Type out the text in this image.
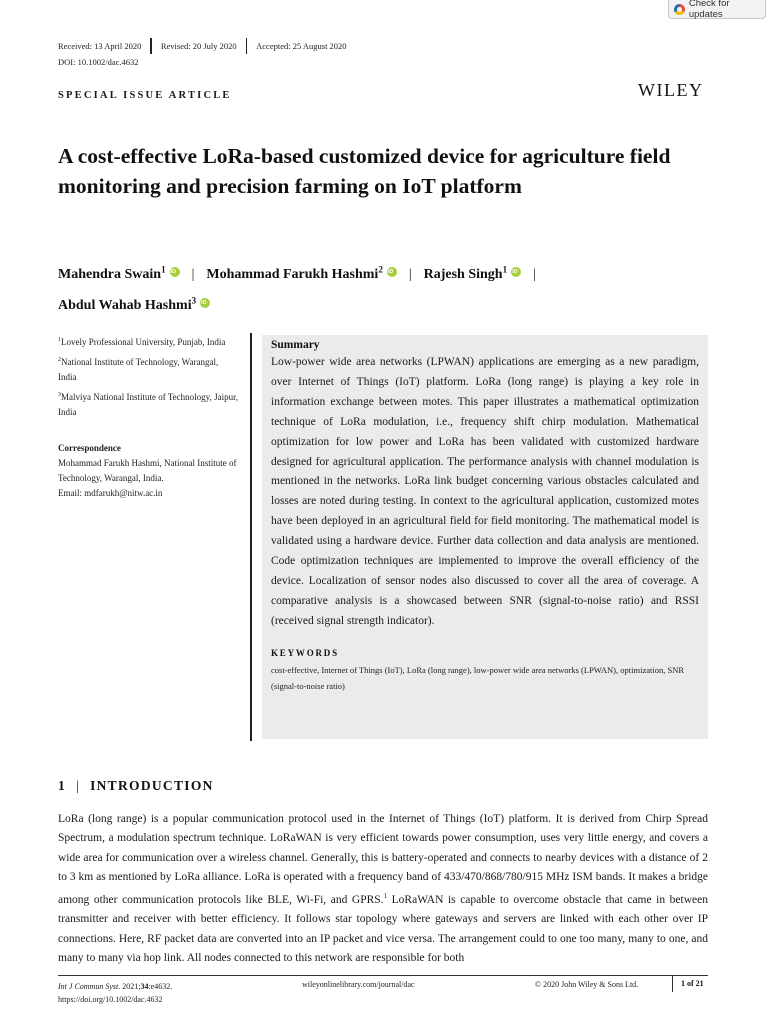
Check for updates
Received: 13 April 2020 Revised: 20 July 2020 Accepted: 25 August 2020
DOI: 10.1002/dac.4632
SPECIAL ISSUE ARTICLE	WILEY
A cost-effective LoRa-based customized device for agriculture field monitoring and precision farming on IoT platform
Mahendra Swain$^1$ iD | Mohammad Farukh Hashmi$^2$ iD | Rajesh Singh$^1$ iD |
Abdul Wahab Hashmi$^3$iD
$^1$Lovely Professional University, Punjab, India
$^2$National Institute of Technology, Warangal, India
$^3$Malviya National Institute of Technology, Jaipur, India
Correspondence
Mohammad Farukh Hashmi, National Institute of Technology, Warangal, India.
Email: mdfarukh@nitw.ac.in
Summary
Low-power wide area networks (LPWAN) applications are emerging as a new paradigm, over Internet of Things (IoT) platform. LoRa (long range) is playing a key role in information exchange between motes. This paper illustrates a mathematical optimization technique of LoRa modulation, i.e., frequency shift chirp modulation. Mathematical optimization for low power and LoRa has been validated with customized hardware designed for agricultural application. The performance analysis with channel modulation is mentioned in the networks. LoRa link budget concerning various obstacles calculated and losses are noted during testing. In context to the agricultural application, customized motes have been deployed in an agricultural field for field monitoring. The mathematical model is validated using a hardware device. Further data collection and data analysis are mentioned. Code optimization techniques are implemented to improve the overall efficiency of the device. Localization of sensor nodes also discussed to cover all the area of coverage. A comparative analysis is a showcased between SNR (signal-to-noise ratio) and RSSI (received signal strength indicator).
KEYWORDS
cost-effective, Internet of Things (IoT), LoRa (long range), low-power wide area networks (LPWAN), optimization, SNR (signal-to-noise ratio)
1 | INTRODUCTION
LoRa (long range) is a popular communication protocol used in the Internet of Things (IoT) platform. It is derived from Chirp Spread Spectrum, a modulation spectrum technique. LoRaWAN is very efficient towards power consumption, uses very little energy, and covers a wide area for communication over a wireless channel. Generally, this is battery-operated and connects to nearby devices with a distance of 2 to 3 km as mentioned by LoRa alliance. LoRa is operated with a frequency band of 433/470/868/780/915 MHz ISM bands. It makes a bridge among other communication protocols like BLE, Wi-Fi, and GPRS.$^1$ LoRaWAN is capable to overcome obstacle that came in between transmitter and receiver with better efficiency. It follows star topology where gateways and servers are linked with each other over IP connections. Here, RF packet data are converted into an IP packet and vice versa. The arrangement could to one too many, many to one, and many to many via hop link. All nodes connected to this network are responsible for both
Int J Commun Syst. 2021;34:e4632.
https://doi.org/10.1002/dac.4632
wileyonlinelibrary.com/journal/dac	© 2020 John Wiley & Sons Ltd.	1 of 21
